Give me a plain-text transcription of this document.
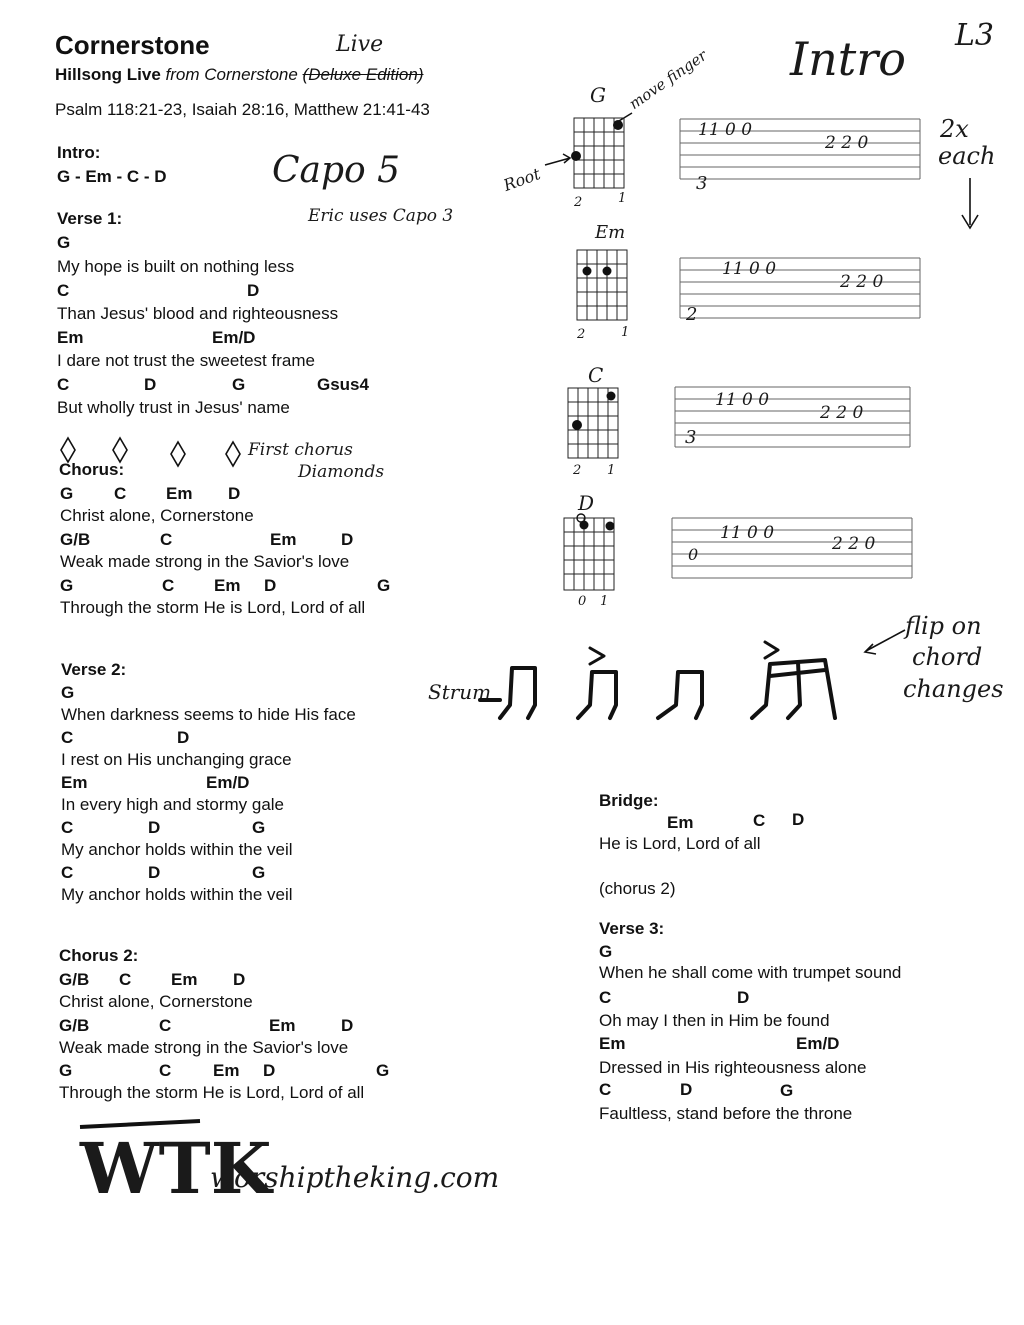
Cornerstone
Hillsong Live from Cornerstone (Deluxe Edition)
Psalm 118:21-23, Isaiah 28:16, Matthew 21:41-43
Intro:
G - Em - C - D
Verse 1:
G
My hope is built on nothing less
C	D
Than Jesus' blood and righteousness
Em	Em/D
I dare not trust the sweetest frame
C	D	G	Gsus4
But wholly trust in Jesus' name
Chorus:
G C Em D
Christ alone, Cornerstone
G/B	C	Em	D
Weak made strong in the Savior's love
G	C Em D	G
Through the storm He is Lord, Lord of all
Verse 2:
G
When darkness seems to hide His face
C	D
I rest on His unchanging grace
Em	Em/D
In every high and stormy gale
C	D	G
My anchor holds within the veil
C	D	G
My anchor holds within the veil
Chorus 2:
G/B C Em D
Christ alone, Cornerstone
G/B	C	Em	D
Weak made strong in the Savior's love
G	C Em D	G
Through the storm He is Lord, Lord of all
Bridge:
Em	C D
He is Lord, Lord of all
(chorus 2)
Verse 3:
G
When he shall come with trumpet sound
C	D
Oh may I then in Him be found
Em	Em/D
Dressed in His righteousness alone
C	D	G
Faultless, stand before the throne
Live
Capo 5
Eric uses Capo 3
Intro L3
2x
each
move finger
Root
First chorus
Diamonds
Strum
flip on
chord
changes
G
2	1
Em
2	1
C
2 1
D
0 1
11 0 0
2 2 0
3
11 0 0
2 2 0
2
11 0 0
2 2 0
3
11 0 0
2 2 0
0
WTK
worshiptheking.com
